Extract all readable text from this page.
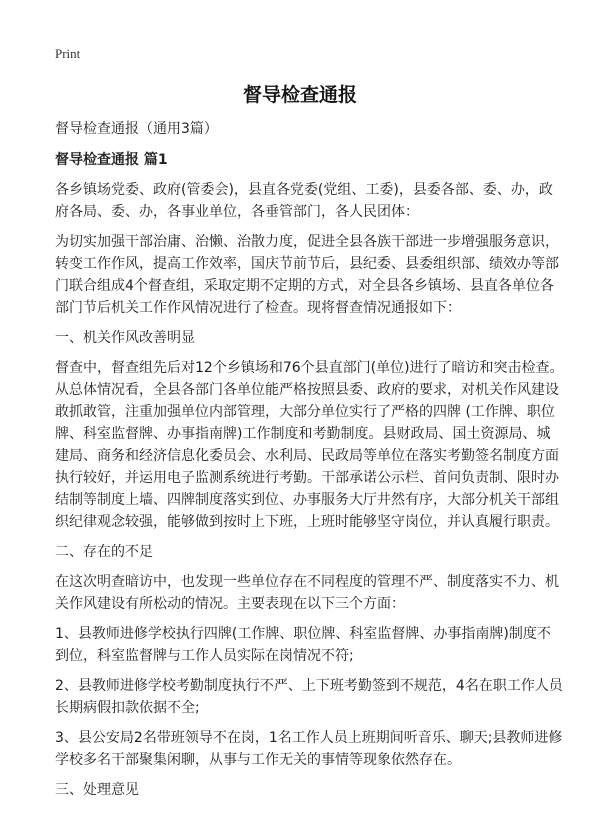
Print
督导检查通报
督导检查通报（通用3篇）
督导检查通报 篇1

各乡镇场党委、政府(管委会)，县直各党委(党组、工委)，县委各部、委、办，政
府各局、委、办，各事业单位，各垂管部门，各人民团体：

为切实加强干部治庸、治懒、治散力度，促进全县各族干部进一步增强服务意识，
转变工作作风，提高工作效率，国庆节前节后，县纪委、县委组织部、绩效办等部
门联合组成4个督查组，采取定期不定期的方式，对全县各乡镇场、县直各单位各
部门节后机关工作作风情况进行了检查。现将督查情况通报如下：

一、机关作风改善明显

督查中，督查组先后对12个乡镇场和76个县直部门(单位)进行了暗访和突击检查。
从总体情况看，全县各部门各单位能严格按照县委、政府的要求，对机关作风建设
敢抓敢管，注重加强单位内部管理，大部分单位实行了严格的四牌 (工作牌、职位
牌、科室监督牌、办事指南牌)工作制度和考勤制度。县财政局、国土资源局、城
建局、商务和经济信息化委员会、水利局、民政局等单位在落实考勤签名制度方面
执行较好，并运用电子监测系统进行考勤。干部承诺公示栏、首问负责制、限时办
结制等制度上墙、四牌制度落实到位、办事服务大厅井然有序，大部分机关干部组
织纪律观念较强，能够做到按时上下班，上班时能够坚守岗位，并认真履行职责。

二、存在的不足

在这次明查暗访中，也发现一些单位存在不同程度的管理不严、制度落实不力、机
关作风建设有所松动的情况。主要表现在以下三个方面：

1、县教师进修学校执行四牌(工作牌、职位牌、科室监督牌、办事指南牌)制度不
到位，科室监督牌与工作人员实际在岗情况不符;

2、县教师进修学校考勤制度执行不严、上下班考勤签到不规范，4名在职工作人员
长期病假扣款依据不全;

3、县公安局2名带班领导不在岗，1名工作人员上班期间听音乐、聊天;县教师进修
学校多名干部聚集闲聊，从事与工作无关的事情等现象依然存在。

三、处理意见
